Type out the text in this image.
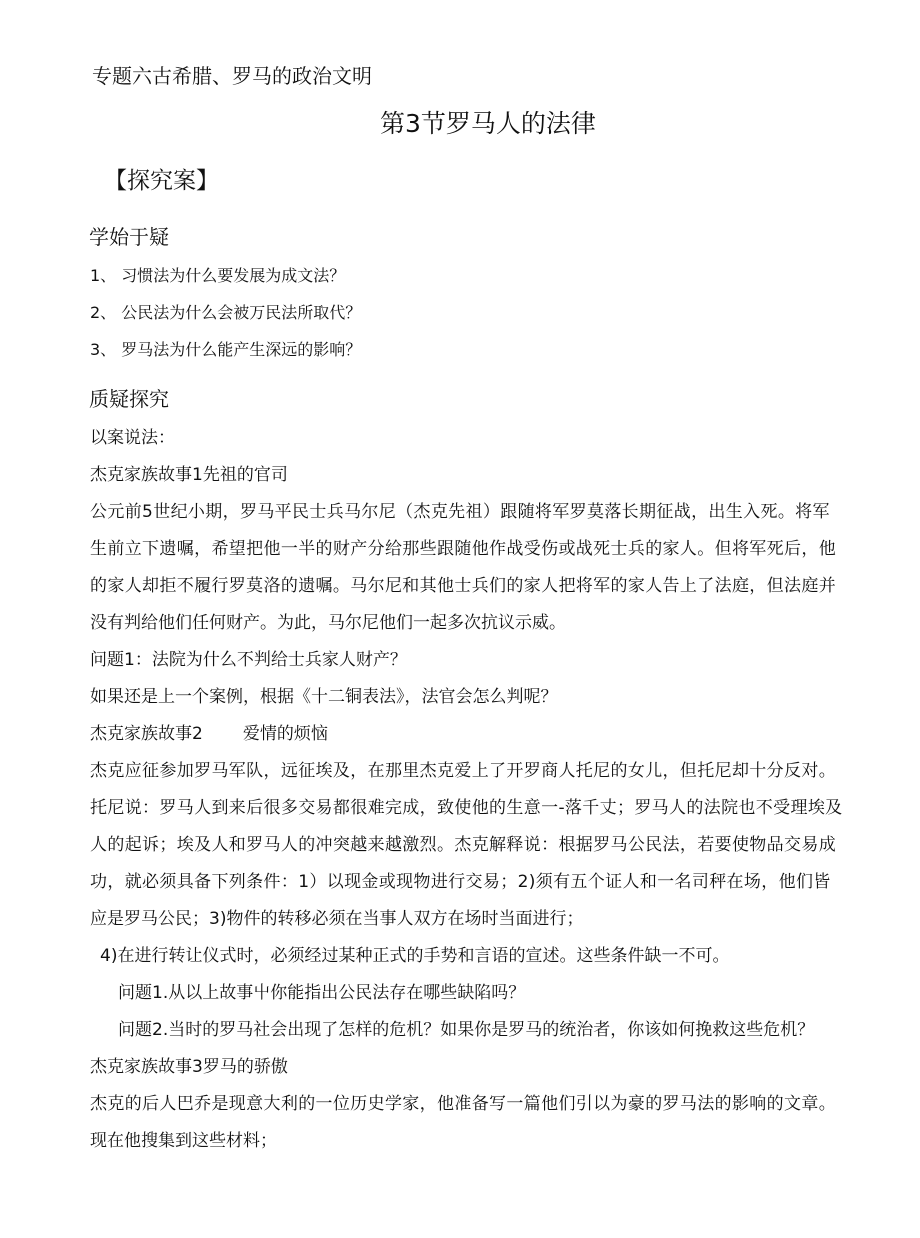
专题六古希腊、罗马的政治文明
第3节罗马人的法律
【探究案】
学始于疑
1、 习惯法为什么要发展为成文法？
2、 公民法为什么会被万民法所取代？
3、 罗马法为什么能产生深远的影响？
质疑探究
以案说法：
杰克家族故事1先祖的官司
公元前5世纪小期，罗马平民士兵马尔尼（杰克先祖）跟随将军罗莫落长期征战，出生入死。将军
生前立下遗嘱，希望把他一半的财产分给那些跟随他作战受伤或战死士兵的家人。但将军死后，他
的家人却拒不履行罗莫洛的遗嘱。马尔尼和其他士兵们的家人把将军的家人告上了法庭，但法庭并
没有判给他们任何财产。为此，马尔尼他们一起多次抗议示威。
问题1：法院为什么不判给士兵家人财产？
如果还是上一个案例，根据《十二铜表法》，法官会怎么判呢？
杰克家族故事2 爱情的烦恼
杰克应征参加罗马军队，远征埃及，在那里杰克爱上了开罗商人托尼的女儿，但托尼却十分反对。
托尼说：罗马人到来后很多交易都很难完成，致使他的生意一-落千丈；罗马人的法院也不受理埃及
人的起诉；埃及人和罗马人的冲突越来越激烈。杰克解释说：根据罗马公民法，若要使物品交易成
功，就必须具备下列条件：1）以现金或现物进行交易；2)须有五个证人和一名司秤在场，他们皆
应是罗马公民；3)物件的转移必须在当事人双方在场时当面进行；
4)在进行转让仪式时，必须经过某种正式的手势和言语的宣述。这些条件缺一不可。
问题1.从以上故事屮你能指出公民法存在哪些缺陷吗？
问题2.当时的罗马社会出现了怎样的危机？如果你是罗马的统治者，你该如何挽救这些危机？
杰克家族故事3罗马的骄傲
杰克的后人巴乔是现意大利的一位历史学家，他准备写一篇他们引以为豪的罗马法的影响的文章。
现在他搜集到这些材料；
